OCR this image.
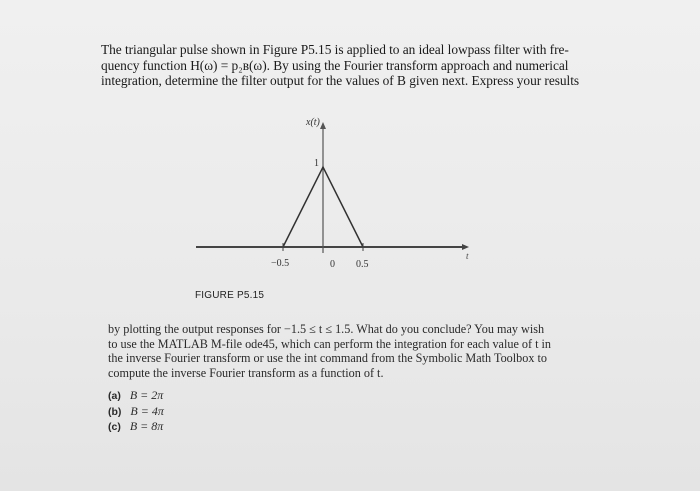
The triangular pulse shown in Figure P5.15 is applied to an ideal lowpass filter with fre-
quency function H(ω) = p₂ʙ(ω). By using the Fourier transform approach and numerical
integration, determine the filter output for the values of B given next. Express your results
x(t)
t
1
−0.5	0 0.5
FIGURE P5.15
by plotting the output responses for −1.5 ≤ t ≤ 1.5. What do you conclude? You may wish
to use the MATLAB M-file ode45, which can perform the integration for each value of t in
the inverse Fourier transform or use the int command from the Symbolic Math Toolbox to
compute the inverse Fourier transform as a function of t.
(a) B = 2π
(b) B = 4π
(c) B = 8π
